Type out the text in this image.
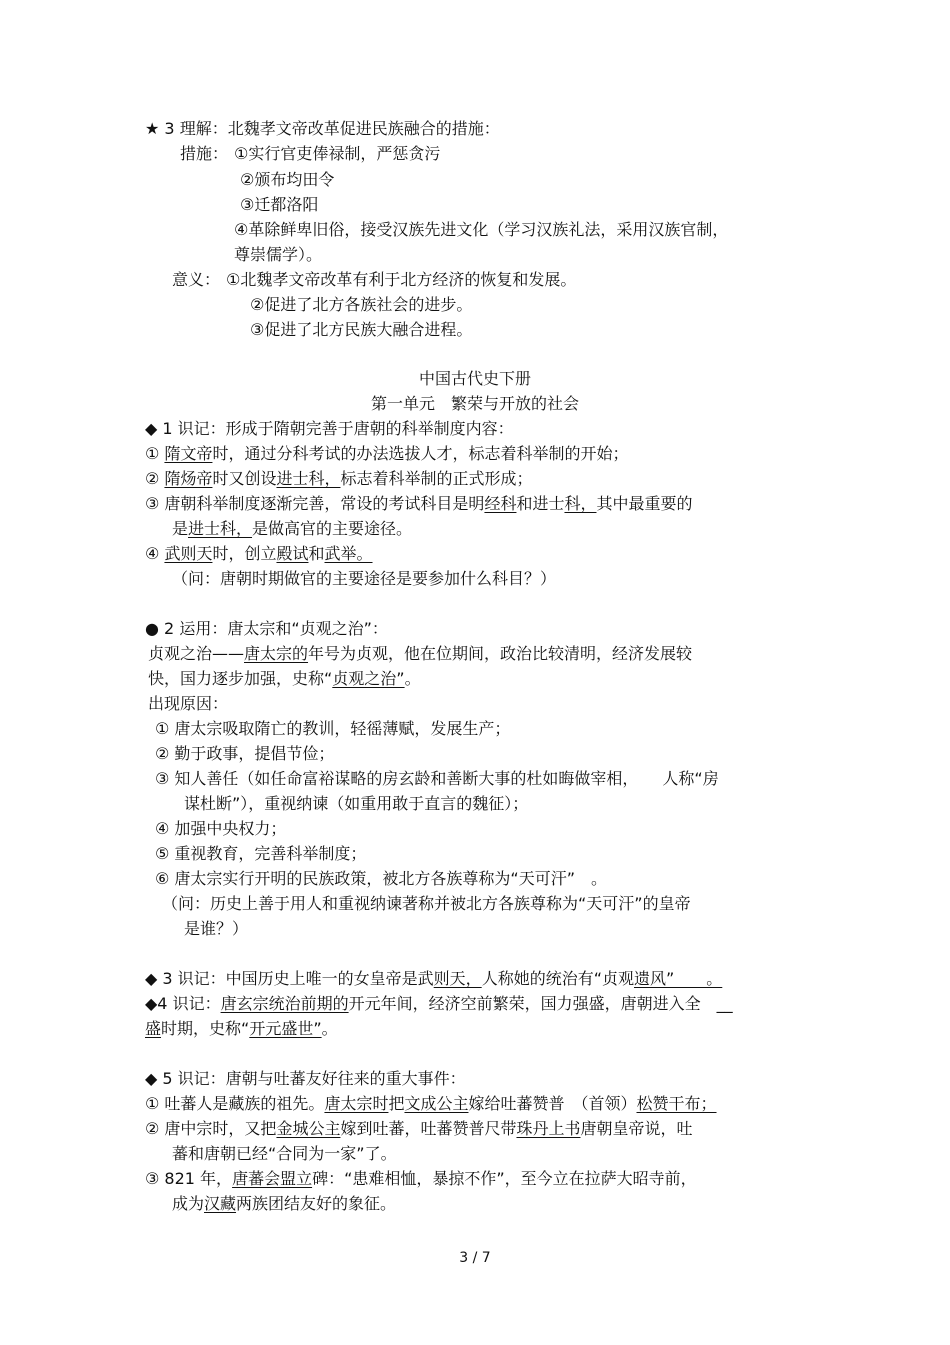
★ 3 理解：北魏孝文帝改革促进民族融合的措施：
措施： ①实行官吏俸禄制，严惩贪污
②颁布均田令
③迁都洛阳
④革除鲜卑旧俗，接受汉族先进文化（学习汉族礼法，采用汉族官制，
尊崇儒学）。
意义： ①北魏孝文帝改革有利于北方经济的恢复和发展。
②促进了北方各族社会的进步。
③促进了北方民族大融合进程。
中国古代史下册
第一单元　繁荣与开放的社会
◆ 1 识记：形成于隋朝完善于唐朝的科举制度内容：
① 隋文帝时，通过分科考试的办法选拔人才，标志着科举制的开始；
② 隋炀帝时又创设进士科，标志着科举制的正式形成；
③ 唐朝科举制度逐渐完善，常设的考试科目是明经科和进士科，其中最重要的
是进士科，是做高官的主要途径。
④ 武则天时，创立殿试和武举。
（问：唐朝时期做官的主要途径是要参加什么科目？）
● 2 运用：唐太宗和“贞观之治”：
贞观之治——唐太宗的年号为贞观，他在位期间，政治比较清明，经济发展较
快，国力逐步加强，史称“贞观之治”。
出现原因：
① 唐太宗吸取隋亡的教训，轻徭薄赋，发展生产；
② 勤于政事，提倡节俭；
③ 知人善任（如任命富裕谋略的房玄龄和善断大事的杜如晦做宰相，　　人称“房
谋杜断”），重视纳谏（如重用敢于直言的魏征）；
④ 加强中央权力；
⑤ 重视教育，完善科举制度；
⑥ 唐太宗实行开明的民族政策，被北方各族尊称为“天可汗”　。
（问：历史上善于用人和重视纳谏著称并被北方各族尊称为“天可汗”的皇帝
是谁？）
◆ 3 识记：中国历史上唯一的女皇帝是武则天，人称她的统治有“贞观遗风”　　。
◆4 识记：唐玄宗统治前期的开元年间，经济空前繁荣，国力强盛，唐朝进入全　__
盛时期，史称“开元盛世”。
◆ 5 识记：唐朝与吐蕃友好往来的重大事件：
① 吐蕃人是藏族的祖先。唐太宗时把文成公主嫁给吐蕃赞普　（首领）松赞干布；
② 唐中宗时，又把金城公主嫁到吐蕃，吐蕃赞普尺带珠丹上书唐朝皇帝说，吐
蕃和唐朝已经“合同为一家”了。
③ 821 年，唐蕃会盟立碑：“患难相恤，暴掠不作”，至今立在拉萨大昭寺前，
成为汉藏两族团结友好的象征。
3 / 7
